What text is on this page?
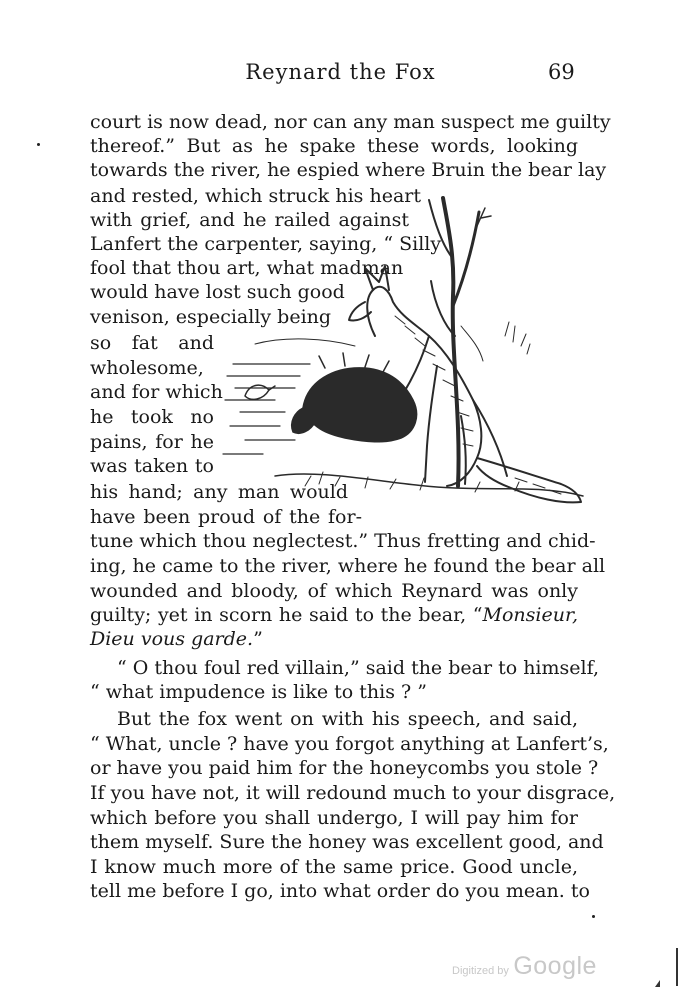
Reynard the Fox	69
court is now dead, nor can any man suspect me guilty
thereof.” But as he spake these words, looking
towards the river, he espied where Bruin the bear lay
and rested, which struck his heart
with grief, and he railed against
Lanfert the carpenter, saying, “ Silly
fool that thou art, what madman
would have lost such good
venison, especially being
so fat and
wholesome,
and for which
he took no
pains, for he
was taken to
his hand; any man would
have been proud of the for-
tune which thou neglectest.” Thus fretting and chid-
ing, he came to the river, where he found the bear all
wounded and bloody, of which Reynard was only
guilty; yet in scorn he said to the bear, “Monsieur,
Dieu vous garde.”
“ O thou foul red villain,” said the bear to himself,
“ what impudence is like to this ? ”
But the fox went on with his speech, and said,
“ What, uncle ? have you forgot anything at Lanfert’s,
or have you paid him for the honeycombs you stole ?
If you have not, it will redound much to your disgrace,
which before you shall undergo, I will pay him for
them myself. Sure the honey was excellent good, and
I know much more of the same price. Good uncle,
tell me before I go, into what order do you mean. to
Digitized by Google
